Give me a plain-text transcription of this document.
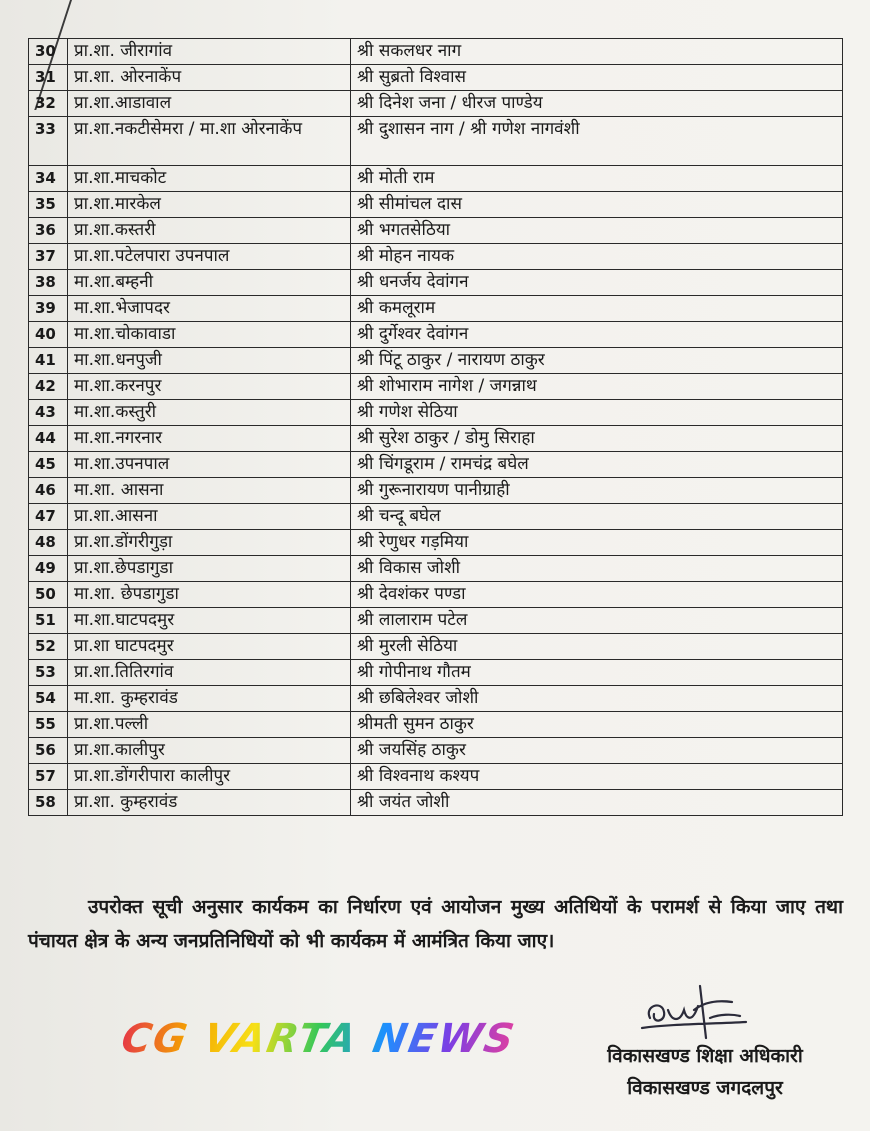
30	प्रा.शा. जीरागांव	श्री सकलधर नाग
31	प्रा.शा. ओरनाकेंप	श्री सुब्रतो विश्वास
32	प्रा.शा.आडावाल	श्री दिनेश जना / धीरज पाण्डेय
33	प्रा.शा.नकटीसेमरा / मा.शा ओरनाकेंप	श्री दुशासन नाग / श्री गणेश नागवंशी
34	प्रा.शा.माचकोट	श्री मोती राम
35	प्रा.शा.मारकेल	श्री सीमांचल दास
36	प्रा.शा.कस्तरी	श्री भगतसेठिया
37	प्रा.शा.पटेलपारा उपनपाल	श्री मोहन नायक
38	मा.शा.बम्हनी	श्री धनर्जय देवांगन
39	मा.शा.भेजापदर	श्री कमलूराम
40	मा.शा.चोकावाडा	श्री दुर्गेश्वर देवांगन
41	मा.शा.धनपुजी	श्री पिंटू ठाकुर / नारायण ठाकुर
42	मा.शा.करनपुर	श्री शोभाराम नागेश / जगन्नाथ
43	मा.शा.कस्तुरी	श्री गणेश सेठिया
44	मा.शा.नगरनार	श्री सुरेश ठाकुर / डोमु सिराहा
45	मा.शा.उपनपाल	श्री चिंगडूराम / रामचंद्र बघेल
46	मा.शा. आसना	श्री गुरूनारायण पानीग्राही
47	प्रा.शा.आसना	श्री चन्दू बघेल
48	प्रा.शा.डोंगरीगुड़ा	श्री रेणुधर गड़मिया
49	प्रा.शा.छेपडागुडा	श्री विकास जोशी
50	मा.शा. छेपडागुडा	श्री देवशंकर पण्डा
51	मा.शा.घाटपदमुर	श्री लालाराम पटेल
52	प्रा.शा घाटपदमुर	श्री मुरली सेठिया
53	प्रा.शा.तितिरगांव	श्री गोपीनाथ गौतम
54	मा.शा. कुम्हरावंड	श्री छबिलेश्वर जोशी
55	प्रा.शा.पल्ली	श्रीमती सुमन ठाकुर
56	प्रा.शा.कालीपुर	श्री जयसिंह ठाकुर
57	प्रा.शा.डोंगरीपारा कालीपुर	श्री विश्वनाथ कश्यप
58	प्रा.शा. कुम्हरावंड	श्री जयंत जोशी
उपरोक्त सूची अनुसार कार्यकम का निर्धारण एवं आयोजन मुख्य अतिथियों के परामर्श से किया जाए तथा पंचायत क्षेत्र के अन्य जनप्रतिनिधियों को भी कार्यकम में आमंत्रित किया जाए।
CG VARTA NEWS	विकासखण्ड शिक्षा अधिकारी
विकासखण्ड जगदलपुर
